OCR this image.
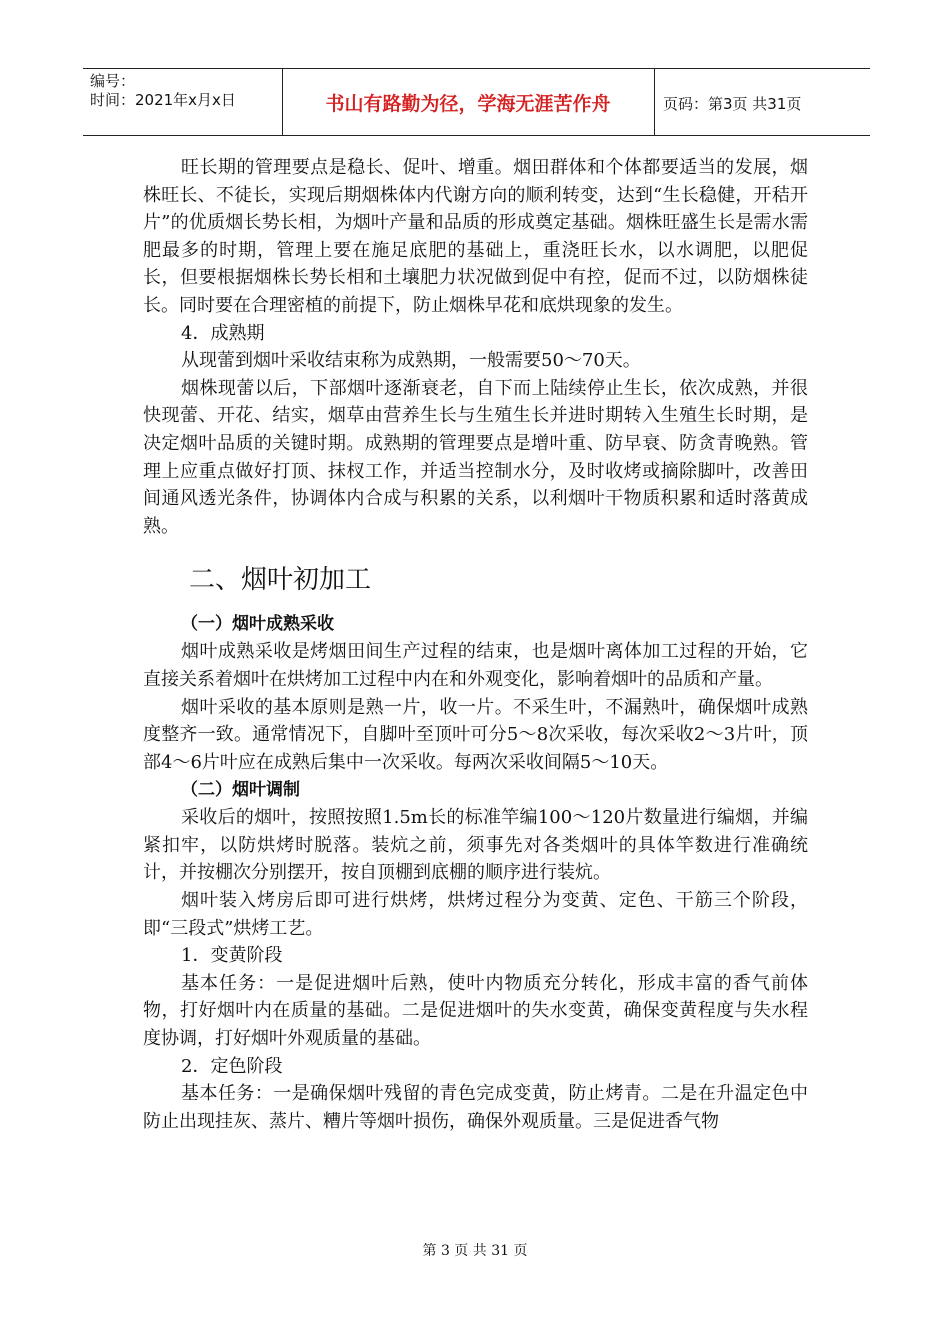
编号：
时间：2021年x月x日	书山有路勤为径，学海无涯苦作舟	页码：第3页 共31页

旺长期的管理要点是稳长、促叶、增重。烟田群体和个体都要适当的发展，烟株旺长、不徒长，实现后期烟株体内代谢方向的顺利转变，达到“生长稳健，开秸开片”的优质烟长势长相，为烟叶产量和品质的形成奠定基础。烟株旺盛生长是需水需肥最多的时期，管理上要在施足底肥的基础上，重浇旺长水，以水调肥，以肥促长，但要根据烟株长势长相和土壤肥力状况做到促中有控，促而不过，以防烟株徒长。同时要在合理密植的前提下，防止烟株早花和底烘现象的发生。

4．成熟期

从现蕾到烟叶采收结束称为成熟期，一般需要50～70天。

烟株现蕾以后，下部烟叶逐渐衰老，自下而上陆续停止生长，依次成熟，并很快现蕾、开花、结实，烟草由营养生长与生殖生长并进时期转入生殖生长时期，是决定烟叶品质的关键时期。成熟期的管理要点是增叶重、防早衰、防贪青晚熟。管理上应重点做好打顶、抹杈工作，并适当控制水分，及时收烤或摘除脚叶，改善田间通风透光条件，协调体内合成与积累的关系，以利烟叶干物质积累和适时落黄成熟。

二、烟叶初加工
（一）烟叶成熟采收

烟叶成熟采收是烤烟田间生产过程的结束，也是烟叶离体加工过程的开始，它直接关系着烟叶在烘烤加工过程中内在和外观变化，影响着烟叶的品质和产量。

烟叶采收的基本原则是熟一片，收一片。不采生叶，不漏熟叶，确保烟叶成熟度整齐一致。通常情况下，自脚叶至顶叶可分5～8次采收，每次采收2～3片叶，顶部4～6片叶应在成熟后集中一次采收。每两次采收间隔5～10天。

（二）烟叶调制

采收后的烟叶，按照按照1.5m长的标准竿编100～120片数量进行编烟，并编紧扣牢，以防烘烤时脱落。装炕之前，须事先对各类烟叶的具体竿数进行准确统计，并按棚次分别摆开，按自顶棚到底棚的顺序进行装炕。

烟叶装入烤房后即可进行烘烤，烘烤过程分为变黄、定色、干筋三个阶段，即“三段式”烘烤工艺。

1．变黄阶段

基本任务：一是促进烟叶后熟，使叶内物质充分转化，形成丰富的香气前体物，打好烟叶内在质量的基础。二是促进烟叶的失水变黄，确保变黄程度与失水程度协调，打好烟叶外观质量的基础。

2．定色阶段

基本任务：一是确保烟叶残留的青色完成变黄，防止烤青。二是在升温定色中防止出现挂灰、蒸片、糟片等烟叶损伤，确保外观质量。三是促进香气物

第 3 页 共 31 页
